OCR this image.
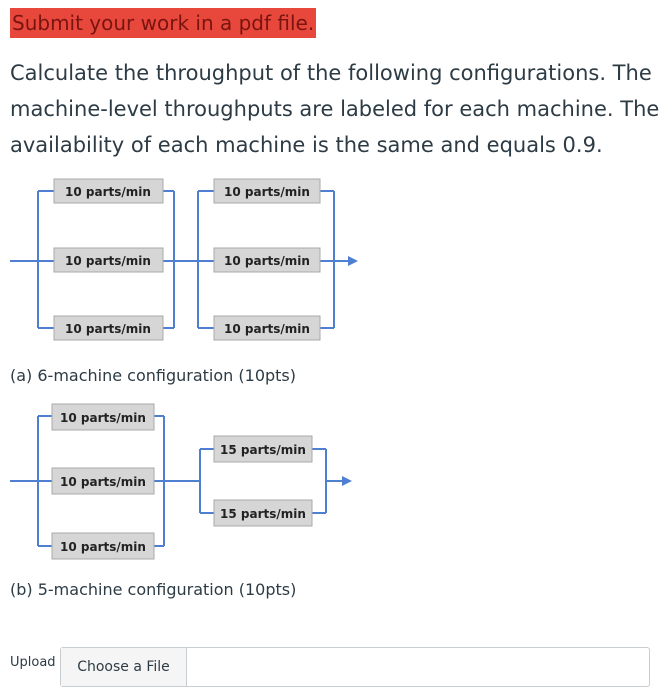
Submit your work in a pdf file.
Calculate the throughput of the following configurations. The machine-level throughputs are labeled for each machine. The availability of each machine is the same and equals 0.9.
10 parts/min
10 parts/min
10 parts/min
10 parts/min
10 parts/min
10 parts/min
(a) 6-machine configuration (10pts)
10 parts/min
10 parts/min
10 parts/min
15 parts/min
15 parts/min
(b) 5-machine configuration (10pts)
Upload	Choose a File
